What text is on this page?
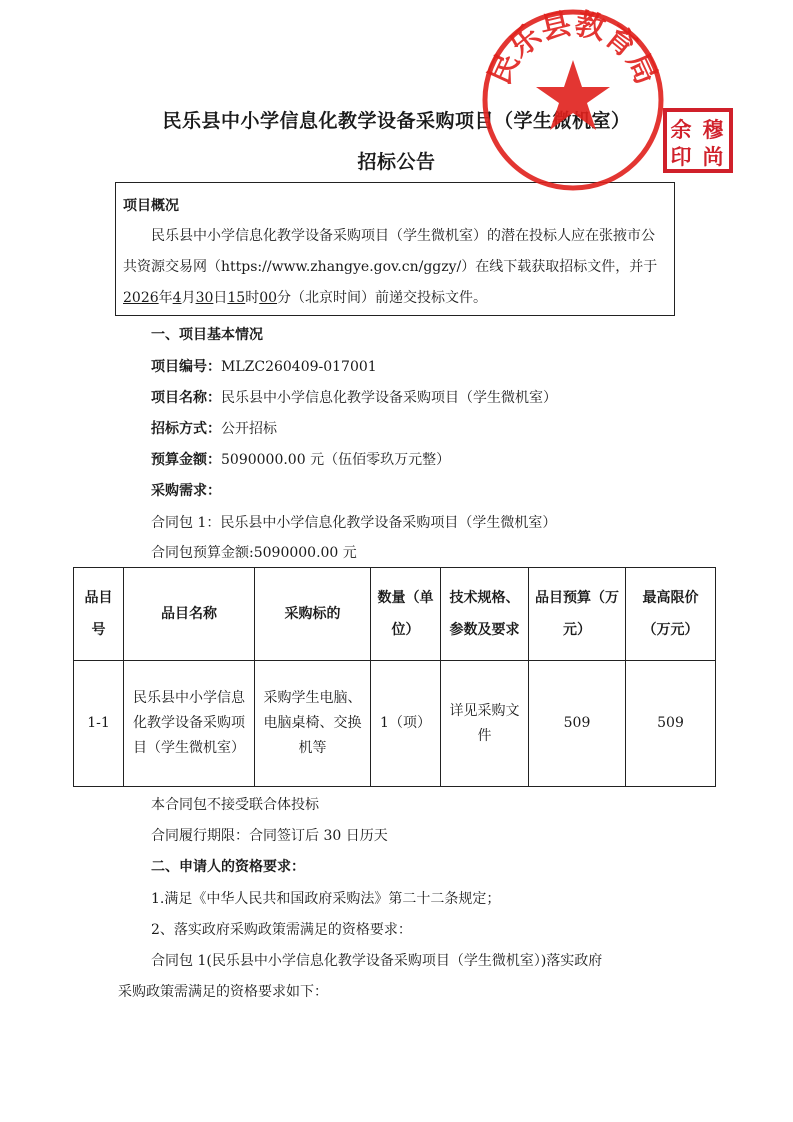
民乐县中小学信息化教学设备采购项目（学生微机室）
招标公告
项目概况
民乐县中小学信息化教学设备采购项目（学生微机室）的潜在投标人应在张掖市公共资源交易网（https://www.zhangye.gov.cn/ggzy/）在线下载获取招标文件，并于2026年4月30日15时00分（北京时间）前递交投标文件。
一、项目基本情况
项目编号：MLZC260409-017001
项目名称：民乐县中小学信息化教学设备采购项目（学生微机室）
招标方式：公开招标
预算金额：5090000.00 元（伍佰零玖万元整）
采购需求：
合同包 1：民乐县中小学信息化教学设备采购项目（学生微机室）
合同包预算金额:5090000.00 元
品目号	品目名称	采购标的	数量（单位）	技术规格、参数及要求	品目预算（万元）	最高限价（万元）
1-1	民乐县中小学信息化教学设备采购项目（学生微机室）	采购学生电脑、电脑桌椅、交换机等	1（项）	详见采购文件	509	509
本合同包不接受联合体投标
合同履行期限：合同签订后 30 日历天
二、申请人的资格要求：
1.满足《中华人民共和国政府采购法》第二十二条规定；
2、落实政府采购政策需满足的资格要求：
合同包 1(民乐县中小学信息化教学设备采购项目（学生微机室）)落实政府
采购政策需满足的资格要求如下：
民乐县教育局
余 穆
印 尚
